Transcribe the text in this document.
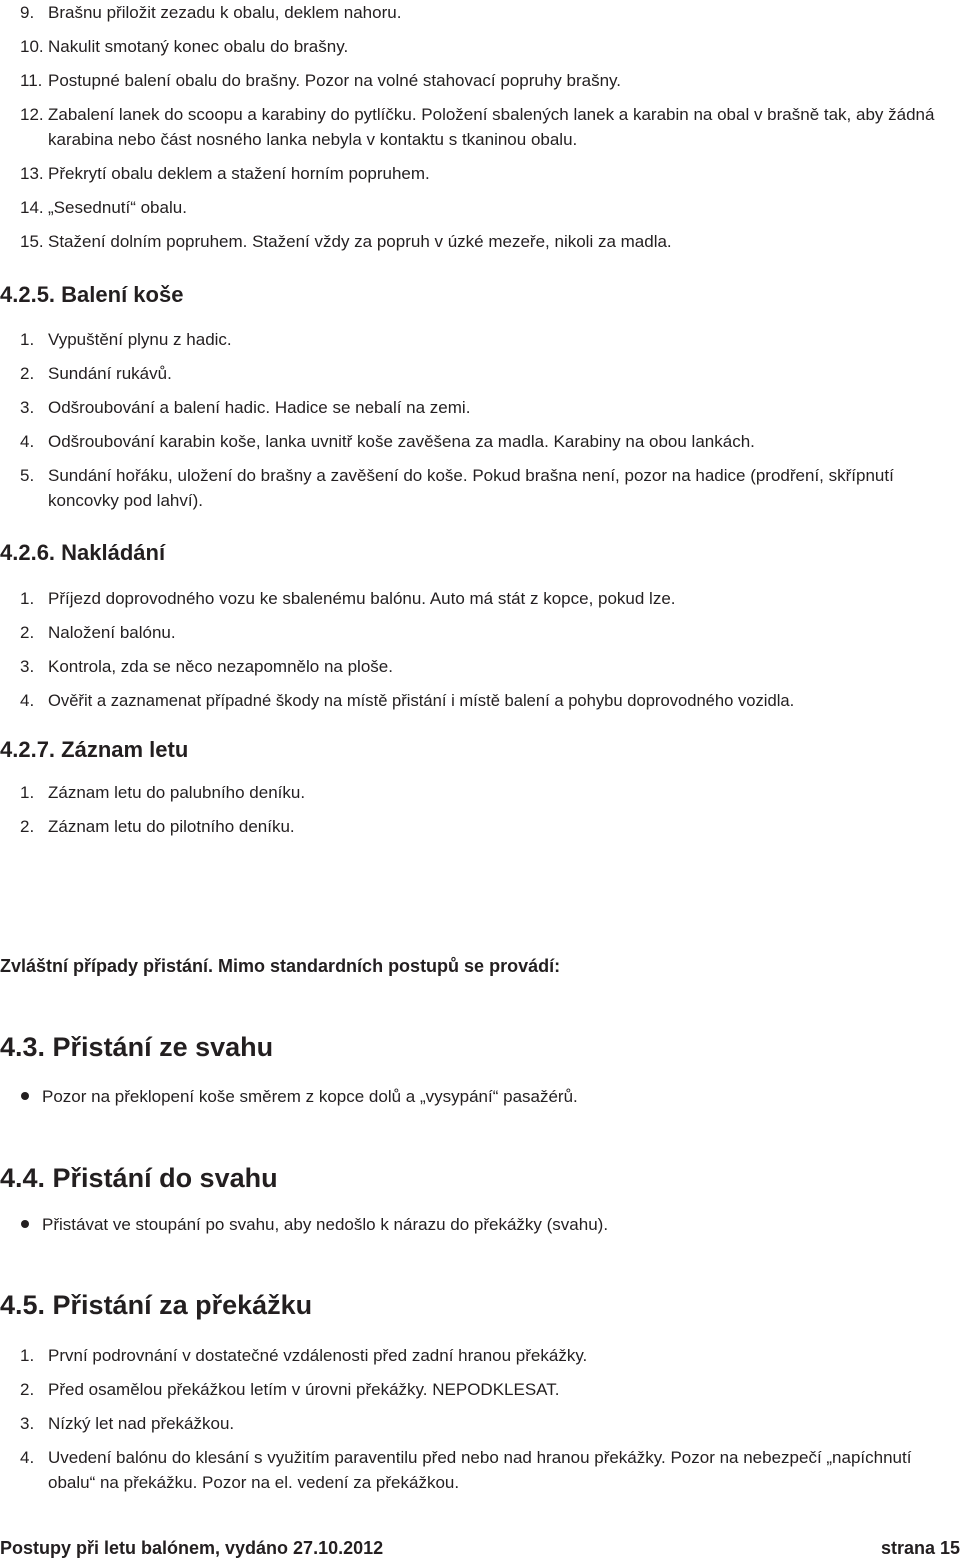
9. Brašnu přiložit zezadu k obalu, deklem nahoru.
10. Nakulit smotaný konec obalu do brašny.
11. Postupné balení obalu do brašny. Pozor na volné stahovací popruhy brašny.
12. Zabalení lanek do scoopu a karabiny do pytlíčku. Položení sbalených lanek a karabin na obal v brašně tak, aby žádná karabina nebo část nosného lanka nebyla v kontaktu s tkaninou obalu.
13. Překrytí obalu deklem a stažení horním popruhem.
14. „Sesednutí“ obalu.
15. Stažení dolním popruhem. Stažení vždy za popruh v úzké mezeře, nikoli za madla.
4.2.5. Balení koše
1. Vypuštění plynu z hadic.
2. Sundání rukávů.
3. Odšroubování a balení hadic. Hadice se nebalí na zemi.
4. Odšroubování karabin koše, lanka uvnitř koše zavěšena za madla. Karabiny na obou lankách.
5. Sundání hořáku, uložení do brašny a zavěšení do koše. Pokud brašna není, pozor na hadice (prodření, skřípnutí koncovky pod lahví).
4.2.6. Nakládání
1. Příjezd doprovodného vozu ke sbalenému balónu. Auto má stát z kopce, pokud lze.
2. Naložení balónu.
3. Kontrola, zda se něco nezapomnělo na ploše.
4. Ověřit a zaznamenat případné škody na místě přistání i místě balení a pohybu doprovodného vozidla.
4.2.7. Záznam letu
1. Záznam letu do palubního deníku.
2. Záznam letu do pilotního deníku.
Zvláštní případy přistání. Mimo standardních postupů se provádí:
4.3. Přistání ze svahu
Pozor na překlopení koše směrem z kopce dolů a „vysypání“ pasažérů.
4.4. Přistání do svahu
Přistávat ve stoupání po svahu, aby nedošlo k nárazu do překážky (svahu).
4.5. Přistání za překážku
1. První podrovnání v dostatečné vzdálenosti před zadní hranou překážky.
2. Před osamělou překážkou letím v úrovni překážky. NEPODKLESAT.
3. Nízký let nad překážkou.
4. Uvedení balónu do klesání s využitím paraventilu před nebo nad hranou překážky. Pozor na nebezpečí „napíchnutí obalu“ na překážku. Pozor na el. vedení za překážkou.
Postupy při letu balónem, vydáno 27.10.2012	strana 15
